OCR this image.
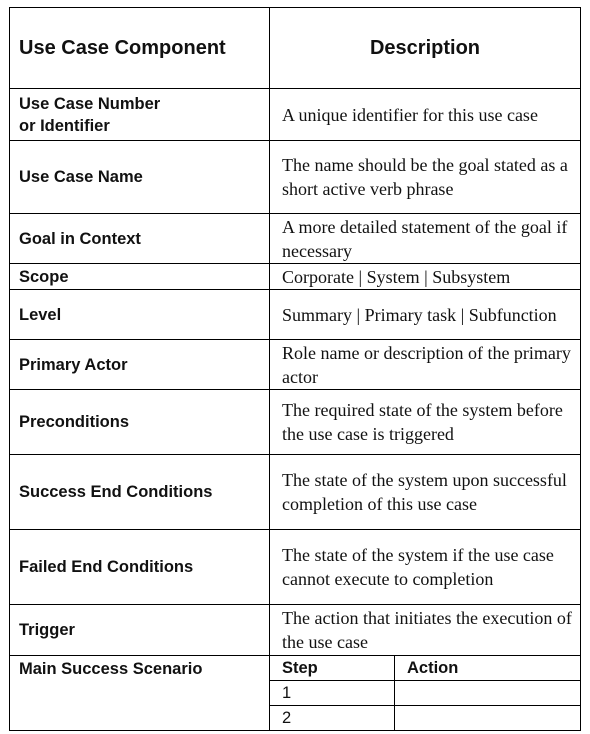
Use Case Component	Description

Use Case Number
or Identifier
	A unique identifier for this use case
Use Case Name	The name should be the goal stated as a short active verb phrase
Goal in Context	A more detailed statement of the goal if necessary
Scope	Corporate | System | Subsystem
Level	Summary | Primary task | Subfunction
Primary Actor	Role name or description of the primary actor
Preconditions	The required state of the system before the use case is triggered
Success End Conditions	The state of the system upon successful completion of this use case
Failed End Conditions	The state of the system if the use case cannot execute to completion
Trigger	The action that initiates the execution of the use case
Main Success Scenario		Step	Action
1	
2	
